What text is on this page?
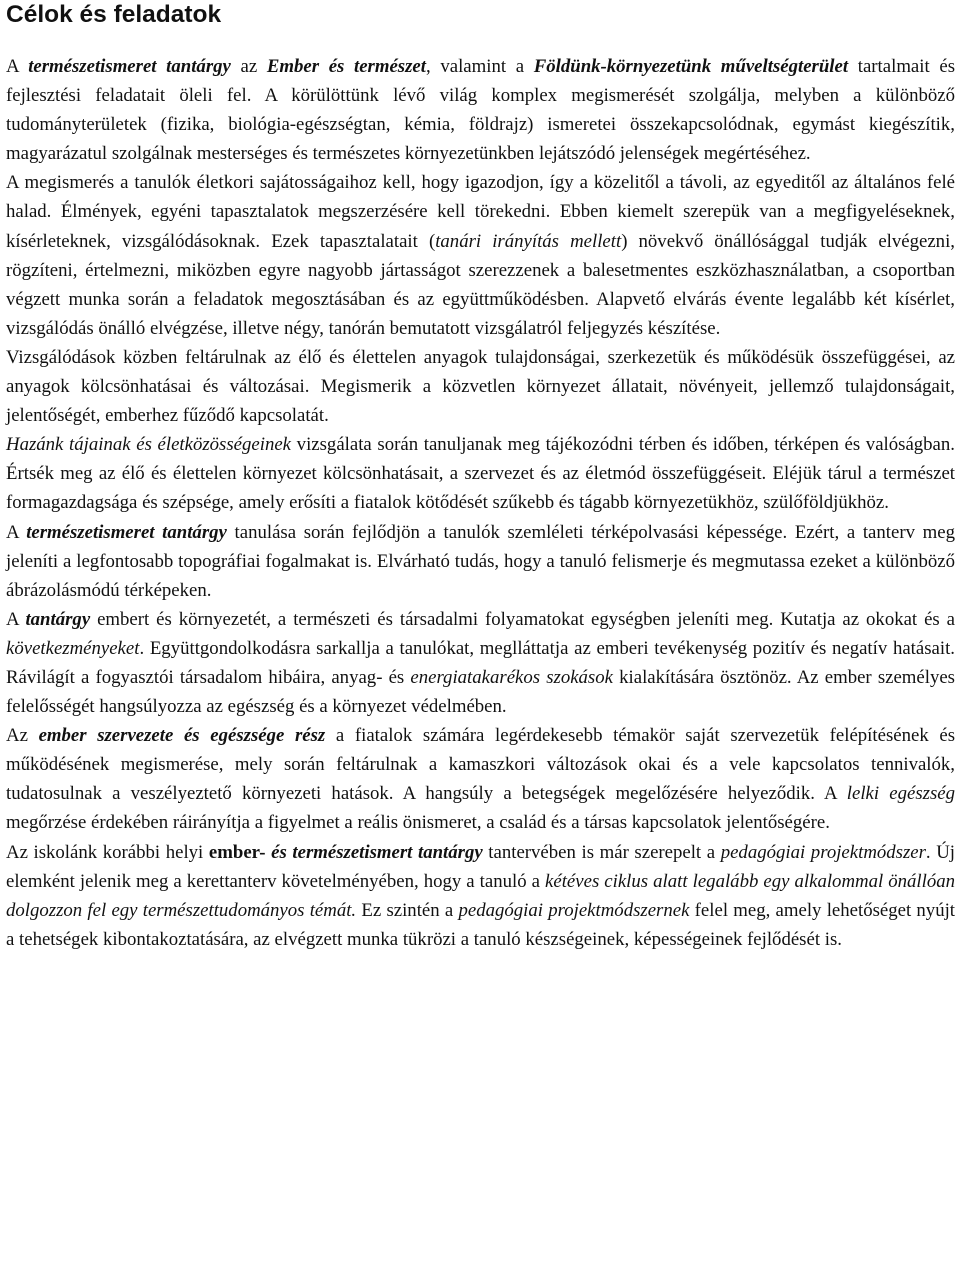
Célok és feladatok

A természetismeret tantárgy az Ember és természet, valamint a Földünk-környezetünk műveltségterület tartalmait és fejlesztési feladatait öleli fel. A körülöttünk lévő világ komplex megismerését szolgálja, melyben a különböző tudományterületek (fizika, biológia-egészségtan, kémia, földrajz) ismeretei összekapcsolódnak, egymást kiegészítik, magyarázatul szolgálnak mesterséges és természetes környezetünkben lejátszódó jelenségek megértéséhez.

A megismerés a tanulók életkori sajátosságaihoz kell, hogy igazodjon, így a közelitől a távoli, az egyeditől az általános felé halad. Élmények, egyéni tapasztalatok megszerzésére kell törekedni. Ebben kiemelt szerepük van a megfigyeléseknek, kísérleteknek, vizsgálódásoknak. Ezek tapasztalatait (tanári irányítás mellett) növekvő önállósággal tudják elvégezni, rögzíteni, értelmezni, miközben egyre nagyobb jártasságot szerezzenek a balesetmentes eszközhasználatban, a csoportban végzett munka során a feladatok megosztásában és az együttműködésben. Alapvető elvárás évente legalább két kísérlet, vizsgálódás önálló elvégzése, illetve négy, tanórán bemutatott vizsgálatról feljegyzés készítése.

Vizsgálódások közben feltárulnak az élő és élettelen anyagok tulajdonságai, szerkezetük és működésük összefüggései, az anyagok kölcsönhatásai és változásai. Megismerik a közvetlen környezet állatait, növényeit, jellemző tulajdonságait, jelentőségét, emberhez fűződő kapcsolatát.

Hazánk tájainak és életközösségeinek vizsgálata során tanuljanak meg tájékozódni térben és időben, térképen és valóságban. Értsék meg az élő és élettelen környezet kölcsönhatásait, a szervezet és az életmód összefüggéseit. Eléjük tárul a természet formagazdagsága és szépsége, amely erősíti a fiatalok kötődését szűkebb és tágabb környezetükhöz, szülőföldjükhöz.

A természetismeret tantárgy tanulása során fejlődjön a tanulók szemléleti térképolvasási képessége. Ezért, a tanterv meg jeleníti a legfontosabb topográfiai fogalmakat is. Elvárható tudás, hogy a tanuló felismerje és megmutassa ezeket a különböző ábrázolásmódú térképeken.

A tantárgy embert és környezetét, a természeti és társadalmi folyamatokat egységben jeleníti meg. Kutatja az okokat és a következményeket. Együttgondolkodásra sarkallja a tanulókat, meglláttatja az emberi tevékenység pozitív és negatív hatásait. Rávilágít a fogyasztói társadalom hibáira, anyag- és energiatakarékos szokások kialakítására ösztönöz. Az ember személyes felelősségét hangsúlyozza az egészség és a környezet védelmében.

Az ember szervezete és egészsége rész a fiatalok számára legérdekesebb témakör saját szervezetük felépítésének és működésének megismerése, mely során feltárulnak a kamaszkori változások okai és a vele kapcsolatos tennivalók, tudatosulnak a veszélyeztető környezeti hatások. A hangsúly a betegségek megelőzésére helyeződik. A lelki egészség megőrzése érdekében ráirányítja a figyelmet a reális önismeret, a család és a társas kapcsolatok jelentőségére.

Az iskolánk korábbi helyi ember- és természetismert tantárgy tantervében is már szerepelt a pedagógiai projektmódszer. Új elemként jelenik meg a kerettanterv követelményében, hogy a tanuló a kétéves ciklus alatt legalább egy alkalommal önállóan dolgozzon fel egy természettudományos témát. Ez szintén a pedagógiai projektmódszernek felel meg, amely lehetőséget nyújt a tehetségek kibontakoztatására, az elvégzett munka tükrözi a tanuló készségeinek, képességeinek fejlődését is.
